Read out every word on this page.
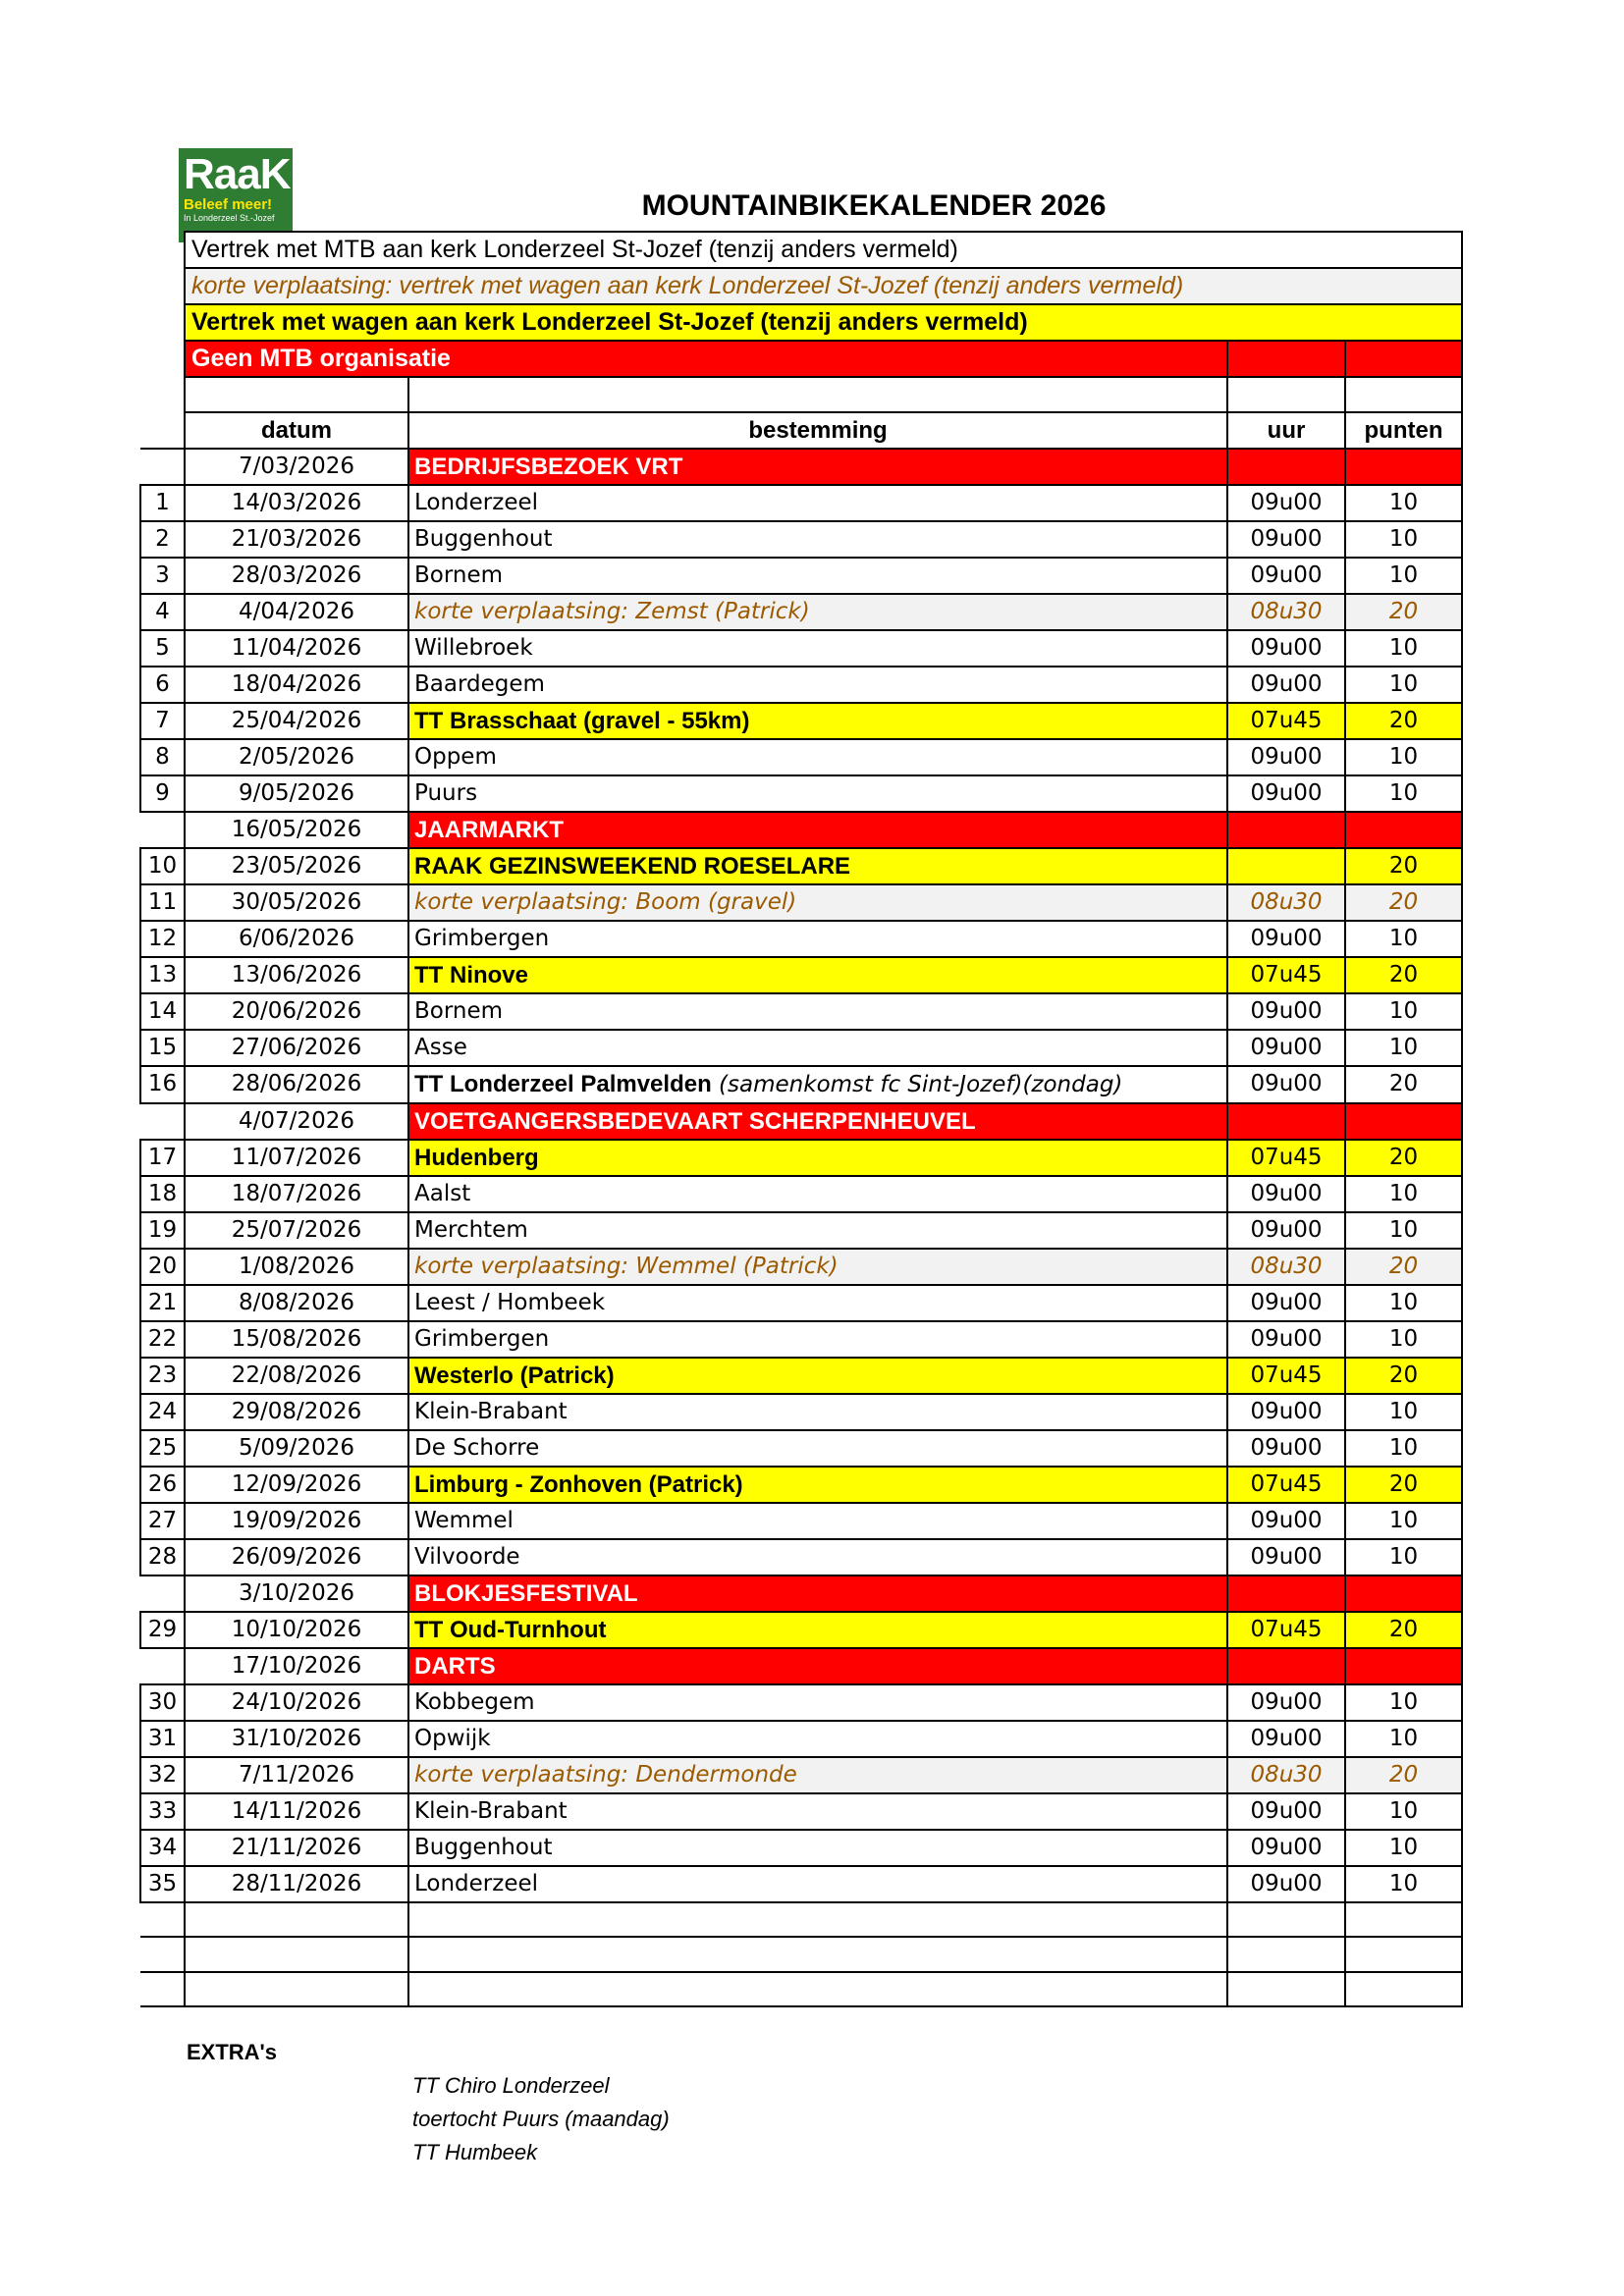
RaaK
Beleef meer!
In Londerzeel St.-Jozef	MOUNTAINBIKEKALENDER 2026
	Vertrek met MTB aan kerk Londerzeel St-Jozef (tenzij anders vermeld)			
	korte verplaatsing: vertrek met wagen aan kerk Londerzeel St-Jozef (tenzij anders vermeld)			
	Vertrek met wagen aan kerk Londerzeel St-Jozef (tenzij anders vermeld)			
	Geen MTB organisatie			

	datum	bestemming	uur	punten
	7/03/2026	BEDRIJFSBEZOEK VRT		
1	14/03/2026	Londerzeel	09u00	10
2	21/03/2026	Buggenhout	09u00	10
3	28/03/2026	Bornem	09u00	10
4	4/04/2026	korte verplaatsing: Zemst (Patrick)	08u30	20
5	11/04/2026	Willebroek	09u00	10
6	18/04/2026	Baardegem	09u00	10
7	25/04/2026	TT Brasschaat (gravel - 55km)	07u45	20
8	2/05/2026	Oppem	09u00	10
9	9/05/2026	Puurs	09u00	10
	16/05/2026	JAARMARKT		
10	23/05/2026	RAAK GEZINSWEEKEND ROESELARE		20
11	30/05/2026	korte verplaatsing: Boom (gravel)	08u30	20
12	6/06/2026	Grimbergen	09u00	10
13	13/06/2026	TT Ninove	07u45	20
14	20/06/2026	Bornem	09u00	10
15	27/06/2026	Asse	09u00	10
16	28/06/2026	TT Londerzeel Palmvelden (samenkomst fc Sint-Jozef)(zondag)	09u00	20
	4/07/2026	VOETGANGERSBEDEVAART SCHERPENHEUVEL		
17	11/07/2026	Hudenberg	07u45	20
18	18/07/2026	Aalst	09u00	10
19	25/07/2026	Merchtem	09u00	10
20	1/08/2026	korte verplaatsing: Wemmel (Patrick)	08u30	20
21	8/08/2026	Leest / Hombeek	09u00	10
22	15/08/2026	Grimbergen	09u00	10
23	22/08/2026	Westerlo (Patrick)	07u45	20
24	29/08/2026	Klein-Brabant	09u00	10
25	5/09/2026	De Schorre	09u00	10
26	12/09/2026	Limburg - Zonhoven (Patrick)	07u45	20
27	19/09/2026	Wemmel	09u00	10
28	26/09/2026	Vilvoorde	09u00	10
	3/10/2026	BLOKJESFESTIVAL		
29	10/10/2026	TT Oud-Turnhout	07u45	20
	17/10/2026	DARTS		
30	24/10/2026	Kobbegem	09u00	10
31	31/10/2026	Opwijk	09u00	10
32	7/11/2026	korte verplaatsing: Dendermonde	08u30	20
33	14/11/2026	Klein-Brabant	09u00	10
34	21/11/2026	Buggenhout	09u00	10
35	28/11/2026	Londerzeel	09u00	10

EXTRA's
TT Chiro Londerzeel
toertocht Puurs (maandag)
TT Humbeek
